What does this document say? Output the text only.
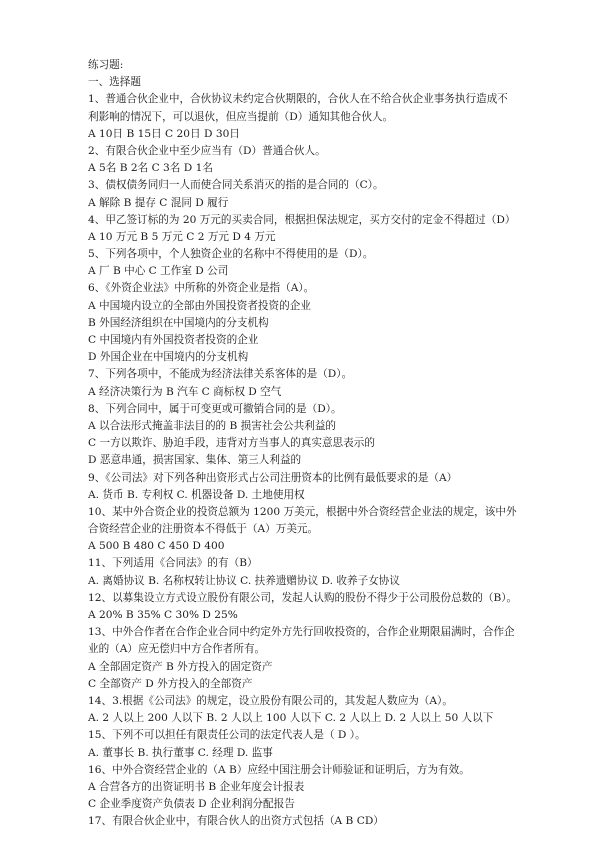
练习题:
一、选择题
1、普通合伙企业中，合伙协议未约定合伙期限的，合伙人在不给合伙企业事务执行造成不
利影响的情况下，可以退伙，但应当提前（D）通知其他合伙人。
A 10日 B 15日 C 20日 D 30日
2、有限合伙企业中至少应当有（D）普通合伙人。
A 5名 B 2名 C 3名 D 1名
3、债权债务同归一人而使合同关系消灭的指的是合同的（C）。
A 解除 B 提存 C 混同 D 履行
4、甲乙签订标的为 20 万元的买卖合同，根据担保法规定，买方交付的定金不得超过（D）
A 10 万元 B 5 万元 C 2 万元 D 4 万元
5、下列各项中，个人独资企业的名称中不得使用的是（D）。
A 厂 B 中心 C 工作室 D 公司
6、《外资企业法》中所称的外资企业是指（A）。
A 中国境内设立的全部由外国投资者投资的企业
B 外国经济组织在中国境内的分支机构
C 中国境内有外国投资者投资的企业
D 外国企业在中国境内的分支机构
7、下列各项中，不能成为经济法律关系客体的是（D）。
A 经济决策行为 B 汽车 C 商标权 D 空气
8、下列合同中，属于可变更或可撤销合同的是（D）。
A 以合法形式掩盖非法目的的 B 损害社会公共利益的
C 一方以欺诈、胁迫手段，违背对方当事人的真实意思表示的
D 恶意串通，损害国家、集体、第三人利益的
9、《公司法》对下列各种出资形式占公司注册资本的比例有最低要求的是（A）
A. 货币 B. 专利权 C. 机器设备 D. 土地使用权
10、某中外合资企业的投资总额为 1200 万美元，根据中外合资经营企业法的规定，该中外
合资经营企业的注册资本不得低于（A）万美元。
A 500 B 480 C 450 D 400
11、下列适用《合同法》的有（B）
A. 离婚协议 B. 名称权转让协议 C. 扶养遗赠协议 D. 收养子女协议
12、以募集设立方式设立股份有限公司，发起人认购的股份不得少于公司股份总数的（B）。
A 20% B 35% C 30% D 25%
13、中外合作者在合作企业合同中约定外方先行回收投资的，合作企业期限届满时，合作企
业的（A）应无偿归中方合作者所有。
A 全部固定资产 B 外方投入的固定资产
C 全部资产 D 外方投入的全部资产
14、3.根据《公司法》的规定，设立股份有限公司的，其发起人数应为（A）。
A. 2 人以上 200 人以下 B. 2 人以上 100 人以下 C. 2 人以上 D. 2 人以上 50 人以下
15、下列不可以担任有限责任公司的法定代表人是（ D ）。
A. 董事长 B. 执行董事 C. 经理 D. 监事
16、中外合资经营企业的（A B）应经中国注册会计师验证和证明后，方为有效。
A 合营各方的出资证明书 B 企业年度会计报表
C 企业季度资产负债表 D 企业利润分配报告
17、有限合伙企业中，有限合伙人的出资方式包括（A B CD）
